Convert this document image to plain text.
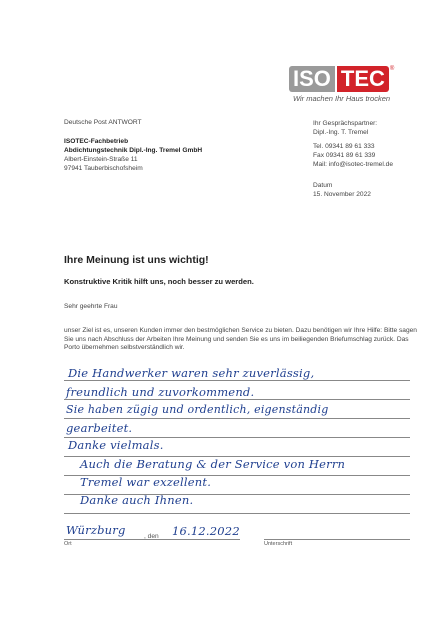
ISO TEC ®
Wir machen Ihr Haus trocken
Deutsche Post ANTWORT
ISOTEC-Fachbetrieb
Abdichtungstechnik Dipl.-Ing. Tremel GmbH
Albert-Einstein-Straße 11
97941 Tauberbischofsheim
Ihr Gesprächspartner:
Dipl.-Ing. T. Tremel
Tel. 09341 89 61 333
Fax 09341 89 61 339
Mail: info@isotec-tremel.de
Datum
15. November 2022
Ihre Meinung ist uns wichtig!
Konstruktive Kritik hilft uns, noch besser zu werden.
Sehr geehrte Frau
unser Ziel ist es, unseren Kunden immer den bestmöglichen Service zu bieten. Dazu benötigen wir Ihre Hilfe: Bitte sagen Sie uns nach Abschluss der Arbeiten Ihre Meinung und senden Sie es uns im beiliegenden Briefumschlag zurück. Das Porto übernehmen selbstverständlich wir.
Die Handwerker waren sehr zuverlässig,
freundlich und zuvorkommend.
Sie haben zügig und ordentlich, eigenständig
gearbeitet.
Danke vielmals.
Auch die Beratung & der Service von Herrn
Tremel war exzellent.
Danke auch Ihnen.
Ort
, den
Unterschrift
Würzburg	16.12.2022
